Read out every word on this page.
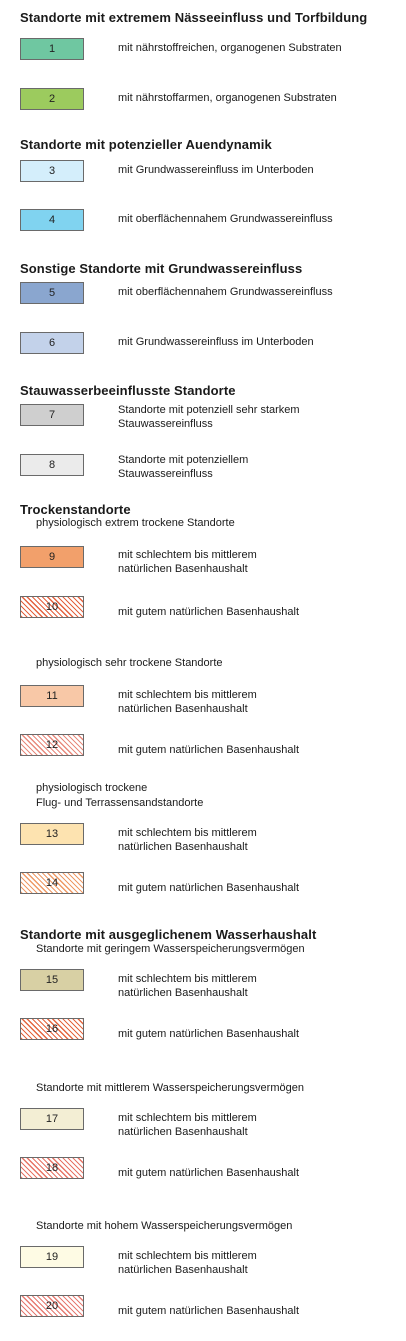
Standorte mit extremem Nässeeinfluss und Torfbildung
Standorte mit potenzieller Auendynamik
Sonstige Standorte mit Grundwassereinfluss
Stauwasserbeeinflusste Standorte
Trockenstandorte
Standorte mit ausgeglichenem Wasserhaushalt
physiologisch extrem trockene Standorte
physiologisch sehr trockene Standorte
physiologisch trockene
Flug- und Terrassensandstandorte
Standorte mit geringem Wasserspeicherungsvermögen
Standorte mit mittlerem Wasserspeicherungsvermögen
Standorte mit hohem Wasserspeicherungsvermögen
1	mit nährstoffreichen, organogenen Substraten
2	mit nährstoffarmen, organogenen Substraten
3	mit Grundwassereinfluss im Unterboden
4	mit oberflächennahem Grundwassereinfluss
5	mit oberflächennahem Grundwassereinfluss
6	mit Grundwassereinfluss im Unterboden
7	Standorte mit potenziell sehr starkem
Stauwassereinfluss
8	Standorte mit potenziellem
Stauwassereinfluss
9	mit schlechtem bis mittlerem
natürlichen Basenhaushalt
10	mit gutem natürlichen Basenhaushalt
11	mit schlechtem bis mittlerem
natürlichen Basenhaushalt
12	mit gutem natürlichen Basenhaushalt
13	mit schlechtem bis mittlerem
natürlichen Basenhaushalt
14	mit gutem natürlichen Basenhaushalt
15	mit schlechtem bis mittlerem
natürlichen Basenhaushalt
16	mit gutem natürlichen Basenhaushalt
17	mit schlechtem bis mittlerem
natürlichen Basenhaushalt
18	mit gutem natürlichen Basenhaushalt
19	mit schlechtem bis mittlerem
natürlichen Basenhaushalt
20	mit gutem natürlichen Basenhaushalt
